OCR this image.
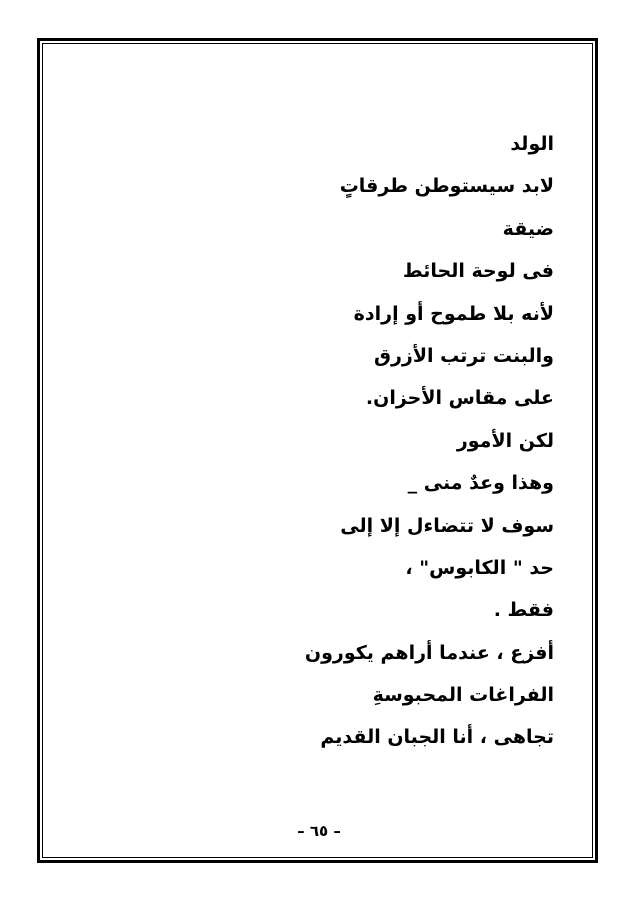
الولد
لابد سيستوطن طرقاتٍ
ضيقة
فى لوحة الحائط
لأنه بلا طموح أو إرادة
والبنت ترتب الأزرق
على مقاس الأحزان.
لكن الأمور
وهذا وعدٌ منى _
سوف لا تتضاءل إلا إلى
حد " الكابوس" ،
فقط .
أفزع ، عندما أراهم يكورون
الفراغات المحبوسةِ
تجاهى ، أنا الجبان القديم
– ٦٥ –
